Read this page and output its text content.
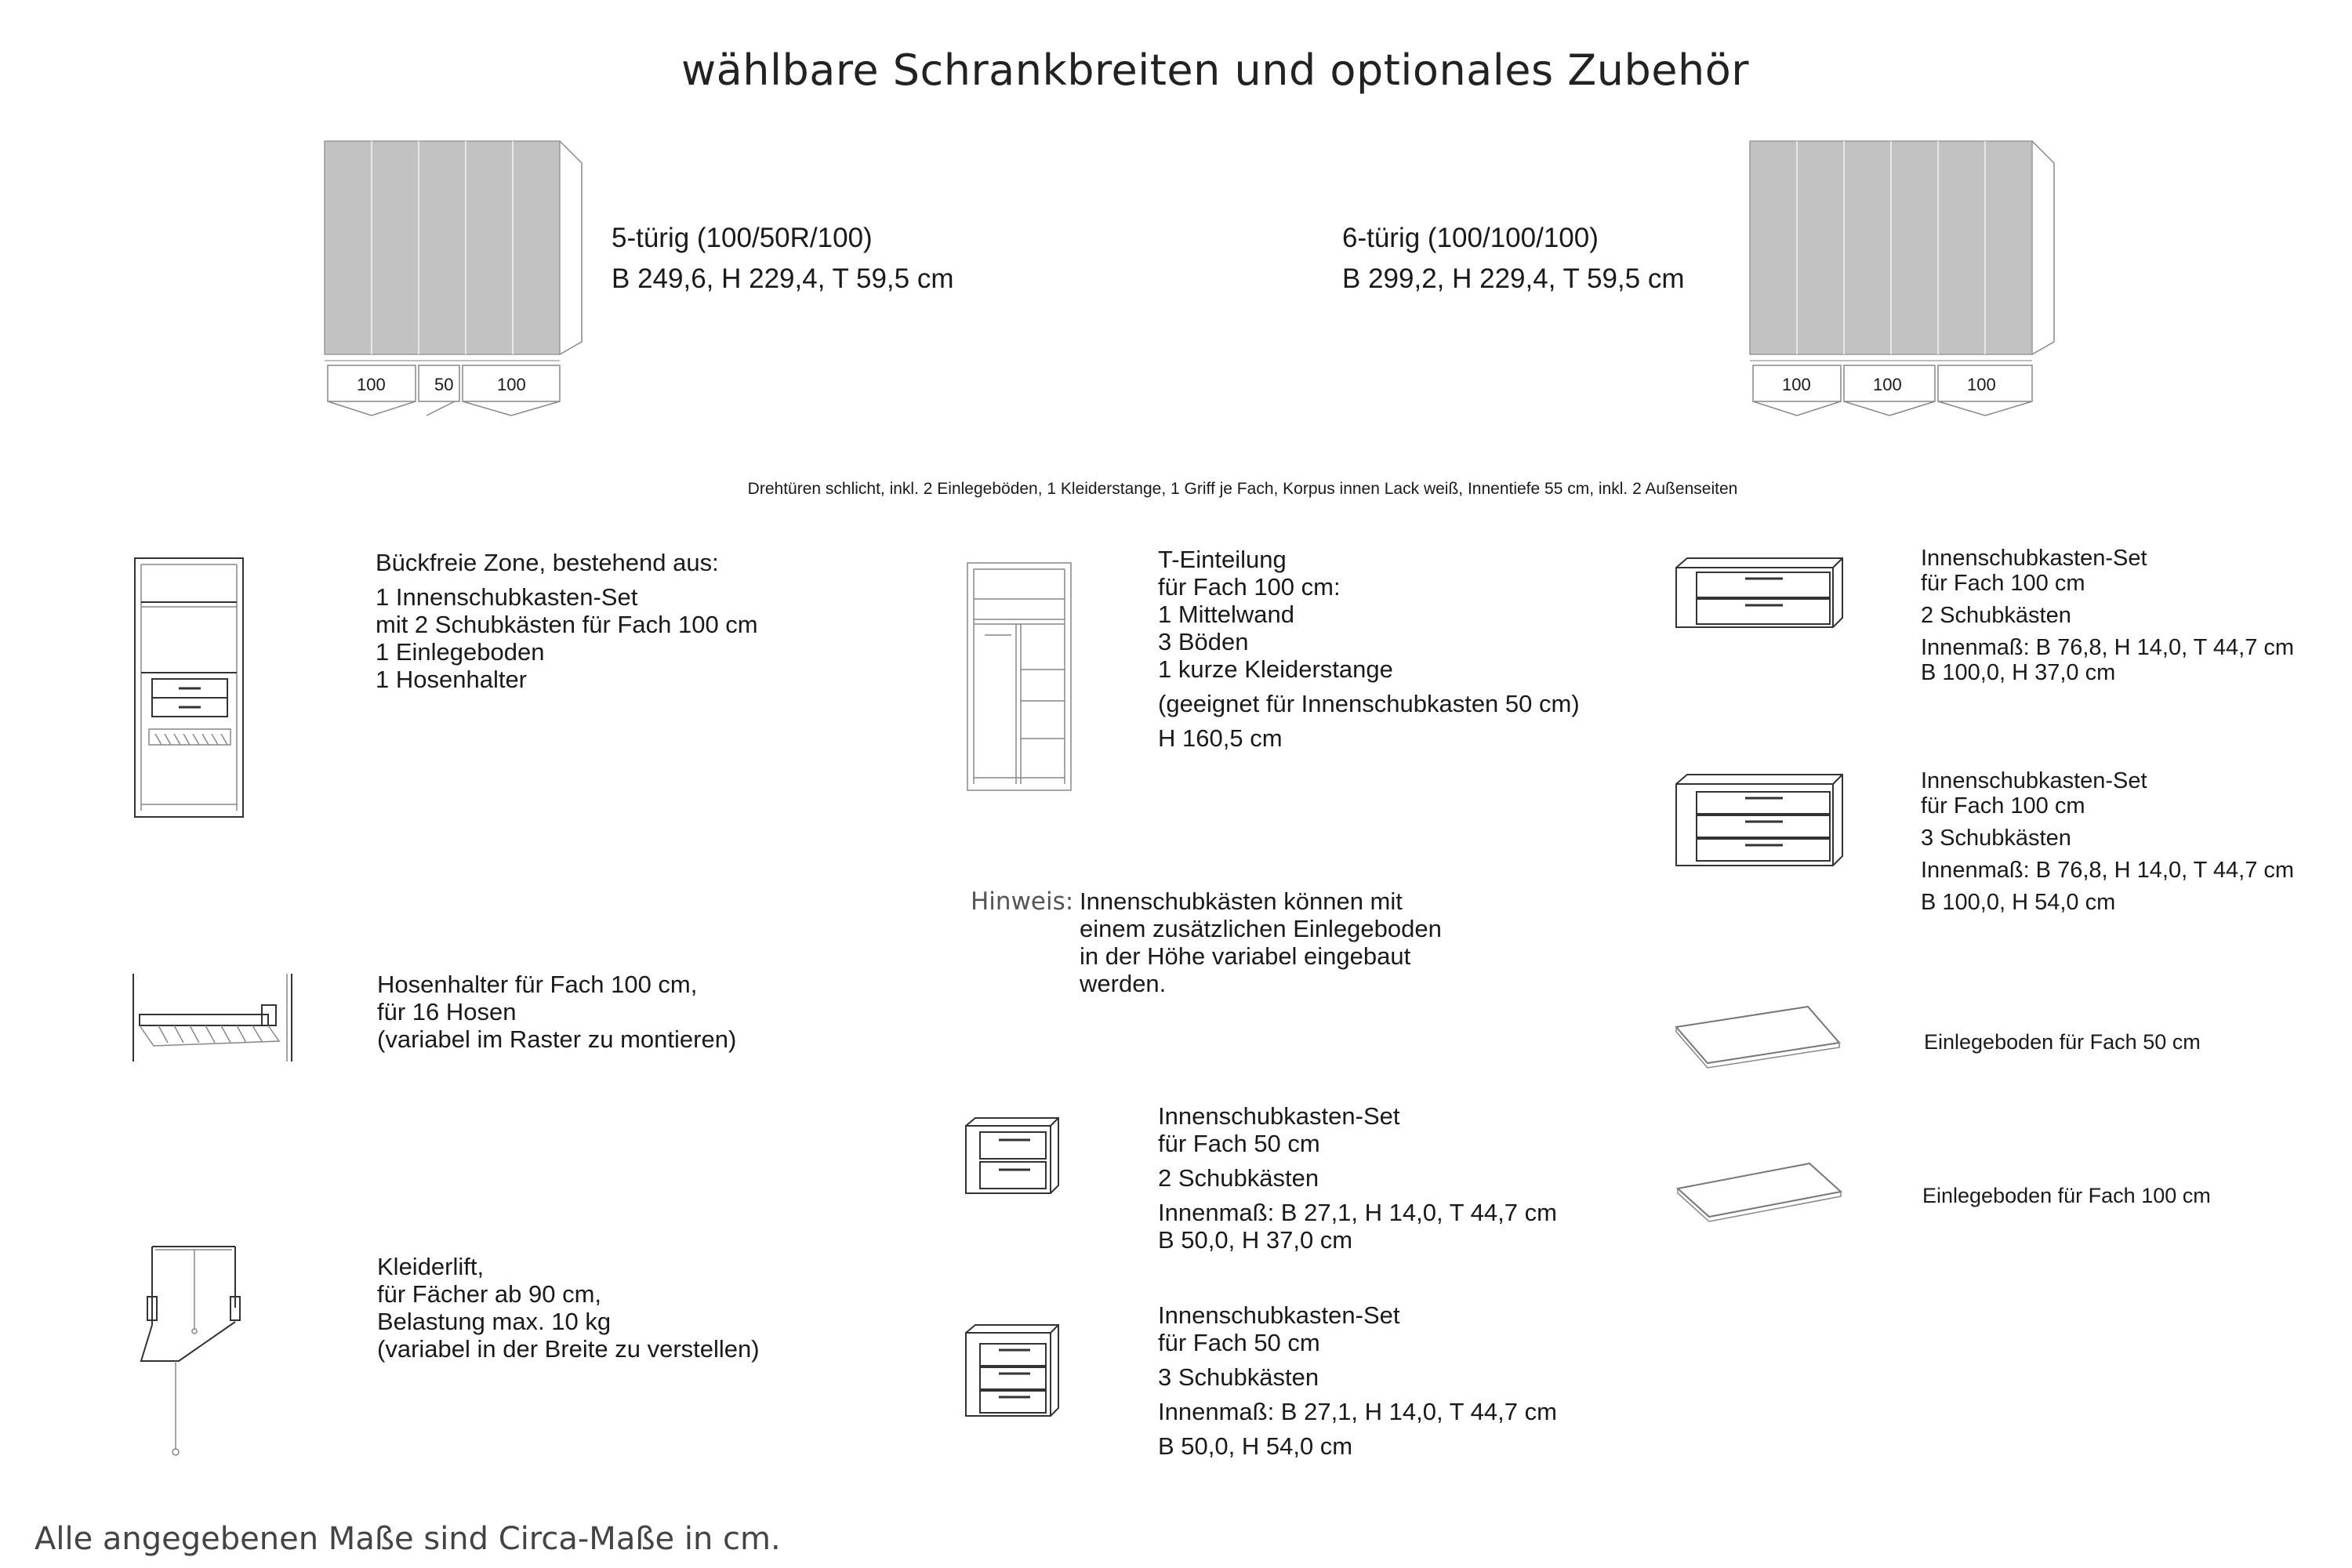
wählbare Schrankbreiten und optionales Zubehör
100	50	100
5-türig (100/50R/100)
B 249,6, H 229,4, T 59,5 cm
100	100	100
6-türig (100/100/100)
B 299,2, H 229,4, T 59,5 cm
Drehtüren schlicht, inkl. 2 Einlegeböden, 1 Kleiderstange, 1 Griff je Fach, Korpus innen Lack weiß, Innentiefe 55 cm, inkl. 2 Außenseiten
Bückfreie Zone, bestehend aus:
1 Innenschubkasten-Set
mit 2 Schubkästen für Fach 100 cm
1 Einlegeboden
1 Hosenhalter
Hosenhalter für Fach 100 cm,
für 16 Hosen
(variabel im Raster zu montieren)
Kleiderlift,
für Fächer ab 90 cm,
Belastung max. 10 kg
(variabel in der Breite zu verstellen)
T-Einteilung
für Fach 100 cm:
1 Mittelwand
3 Böden
1 kurze Kleiderstange
(geeignet für Innenschubkasten 50 cm)
H 160,5 cm
Hinweis: Innenschubkästen können mit
einem zusätzlichen Einlegeboden
in der Höhe variabel eingebaut
werden.
Innenschubkasten-Set
für Fach 50 cm
2 Schubkästen
Innenmaß: B 27,1, H 14,0, T 44,7 cm
B 50,0, H 37,0 cm
Innenschubkasten-Set
für Fach 50 cm
3 Schubkästen
Innenmaß: B 27,1, H 14,0, T 44,7 cm
B 50,0, H 54,0 cm
Innenschubkasten-Set
für Fach 100 cm
2 Schubkästen
Innenmaß: B 76,8, H 14,0, T 44,7 cm
B 100,0, H 37,0 cm
Innenschubkasten-Set
für Fach 100 cm
3 Schubkästen
Innenmaß: B 76,8, H 14,0, T 44,7 cm
B 100,0, H 54,0 cm
Einlegeboden für Fach 50 cm
Einlegeboden für Fach 100 cm
Alle angegebenen Maße sind Circa-Maße in cm.
